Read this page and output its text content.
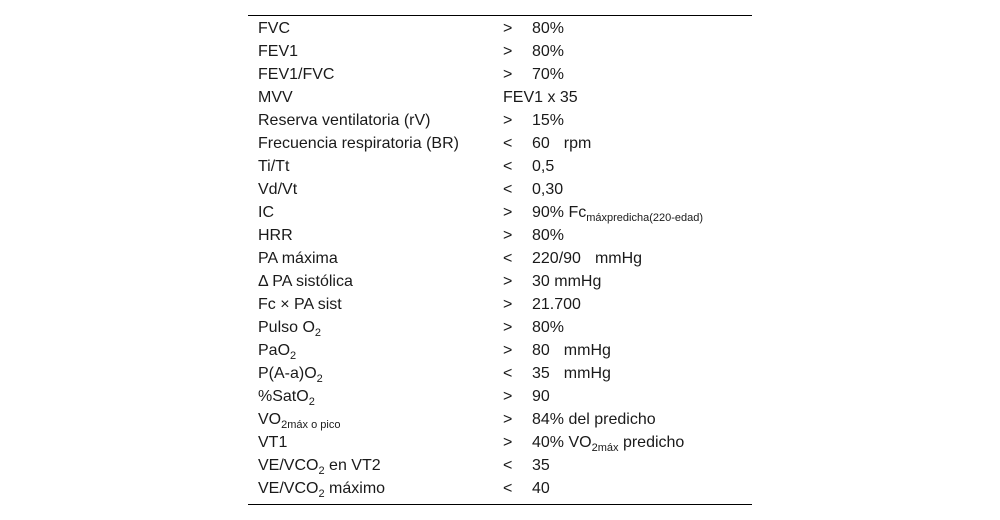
FVC	> 80%
FEV1	> 80%
FEV1/FVC	> 70%
MVV	FEV1 x 35
Reserva ventilatoria (rV)	> 15%
Frecuencia respiratoria (BR)	< 60 rpm
Ti/Tt	< 0,5
Vd/Vt	< 0,30
IC	> 90% $Fc_{máxpredicha(220-edad)}$
HRR	> 80%
PA máxima	< 220/90 mmHg
Δ PA sistólica	> 30 mmHg
Fc × PA sist	> 21.700
Pulso $O_2$	> 80%
PaO$_2$	> 80 mmHg
$P(A-a)O_2$	< 35 mmHg
%SatO$_2$	> 90
$VO_{2máx o pico}$	> 84% del predicho
VT1	> 40% $VO_{2máx}$ predicho
$VE/VCO_2$ en VT2	< 35
$VE/VCO_2$ máximo	< 40
